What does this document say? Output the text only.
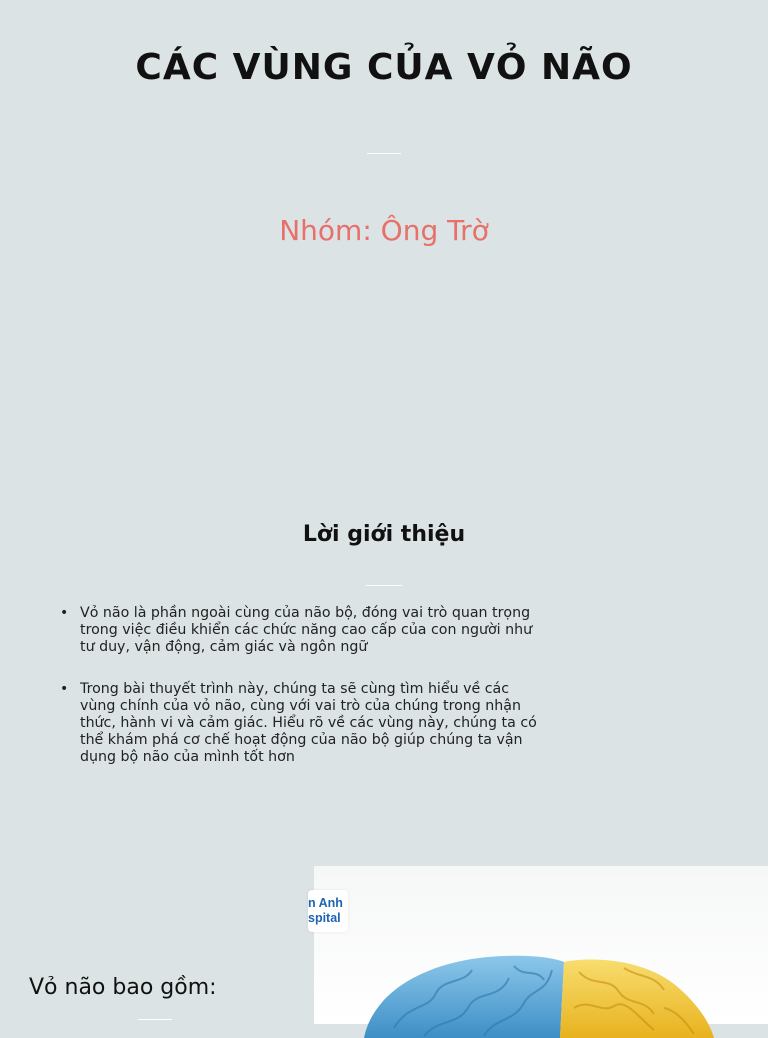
CÁC VÙNG CỦA VỎ NÃO

Nhóm: Ông Trờ

Lời giới thiệu
• Vỏ não là phần ngoài cùng của não bộ, đóng vai trò quan trọng trong việc điều khiển các chức năng cao cấp của con người như tư duy, vận động, cảm giác và ngôn ngữ
• Trong bài thuyết trình này, chúng ta sẽ cùng tìm hiểu về các vùng chính của vỏ não, cùng với vai trò của chúng trong nhận thức, hành vi và cảm giác. Hiểu rõ về các vùng này, chúng ta có thể khám phá cơ chế hoạt động của não bộ giúp chúng ta vận dụng bộ não của mình tốt hơn

Vỏ não bao gồm:

n Anh
spital
